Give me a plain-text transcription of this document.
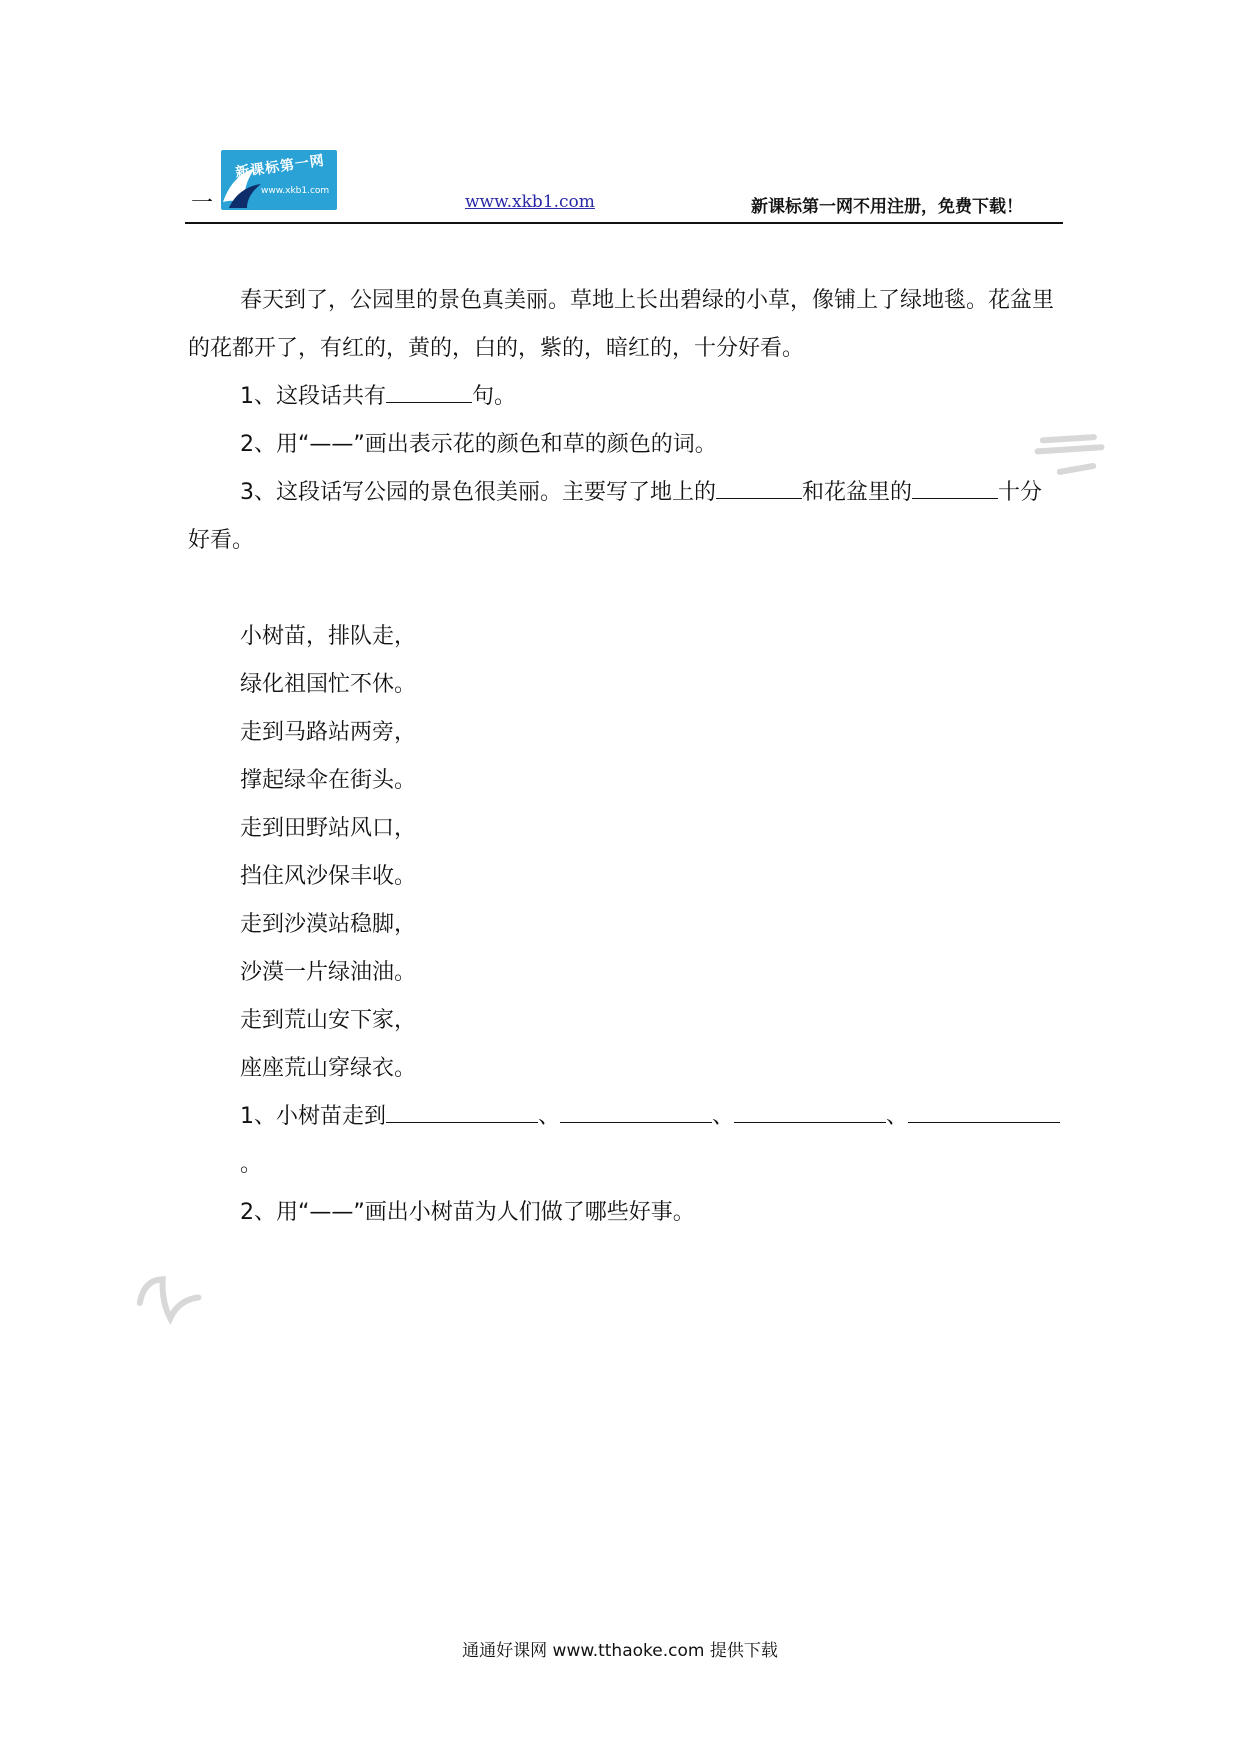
一
新课标第一网
www.xkb1.com
www.xkb1.com	新课标第一网不用注册，免费下载！

春天到了，公园里的景色真美丽。草地上长出碧绿的小草，像铺上了绿地毯。花盆里的花都开了，有红的，黄的，白的，紫的，暗红的，十分好看。

1、这段话共有	句。

2、用“——”画出表示花的颜色和草的颜色的词。

3、这段话写公园的景色很美丽。主要写了地上的	和花盆里的	十分好看。

小树苗，排队走，

绿化祖国忙不休。

走到马路站两旁，

撑起绿伞在街头。

走到田野站风口，

挡住风沙保丰收。

走到沙漠站稳脚，

沙漠一片绿油油。

走到荒山安下家，

座座荒山穿绿衣。

1、小树苗走到	、	、	、。

2、用“——”画出小树苗为人们做了哪些好事。

通通好课网 www.tthaoke.com 提供下载
